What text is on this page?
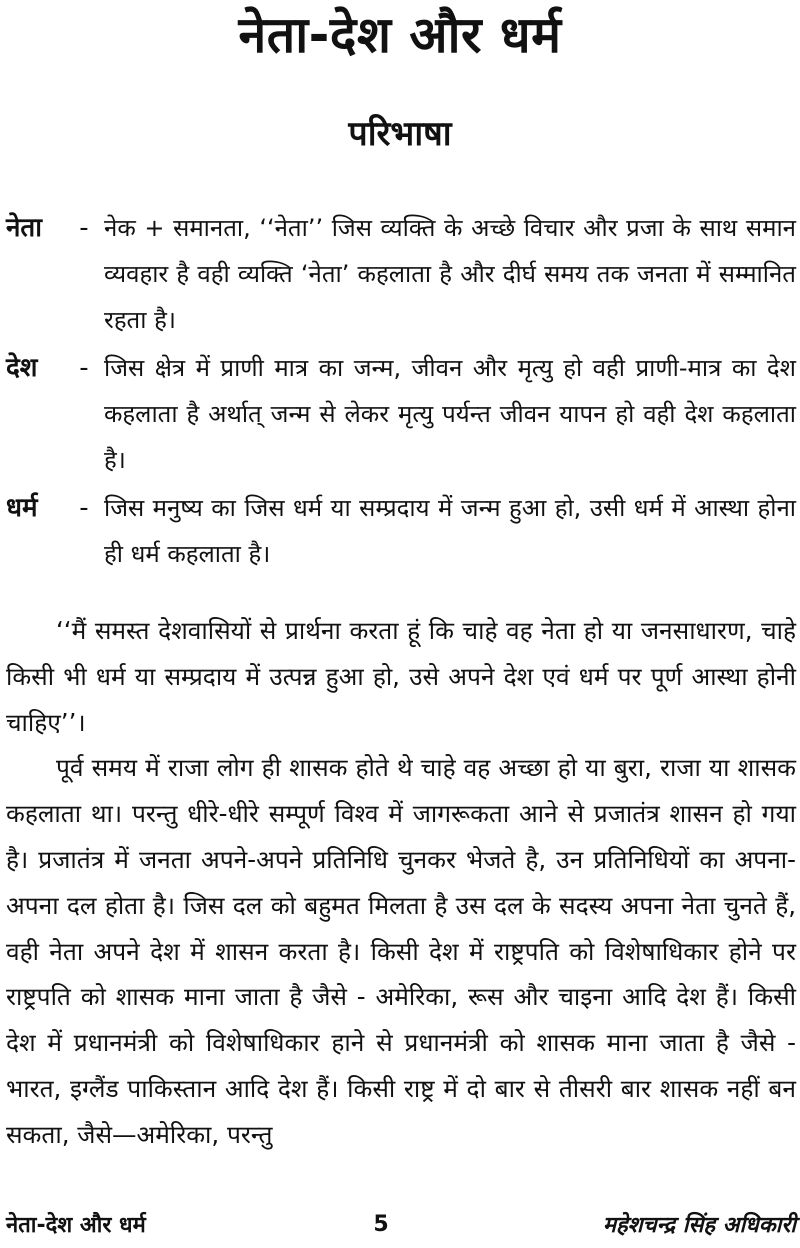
नेता-देश और धर्म
परिभाषा
नेता	- नेक + समानता, ‘‘नेता’’ जिस व्यक्ति के अच्छे विचार और प्रजा के साथ समान व्यवहार है वही व्यक्ति ‘नेता’ कहलाता है और दीर्घ समय तक जनता में सम्मानित रहता है।
देश	- जिस क्षेत्र में प्राणी मात्र का जन्म, जीवन और मृत्यु हो वही प्राणी-मात्र का देश कहलाता है अर्थात् जन्म से लेकर मृत्यु पर्यन्त जीवन यापन हो वही देश कहलाता है।
धर्म	- जिस मनुष्य का जिस धर्म या सम्प्रदाय में जन्म हुआ हो, उसी धर्म में आस्था होना ही धर्म कहलाता है।

‘‘मैं समस्त देशवासियों से प्रार्थना करता हूं कि चाहे वह नेता हो या जनसाधारण, चाहे किसी भी धर्म या सम्प्रदाय में उत्पन्न हुआ हो, उसे अपने देश एवं धर्म पर पूर्ण आस्था होनी चाहिए’’।

पूर्व समय में राजा लोग ही शासक होते थे चाहे वह अच्छा हो या बुरा, राजा या शासक कहलाता था। परन्तु धीरे-धीरे सम्पूर्ण विश्व में जागरूकता आने से प्रजातंत्र शासन हो गया है। प्रजातंत्र में जनता अपने-अपने प्रतिनिधि चुनकर भेजते है, उन प्रतिनिधियों का अपना-अपना दल होता है। जिस दल को बहुमत मिलता है उस दल के सदस्य अपना नेता चुनते हैं, वही नेता अपने देश में शासन करता है। किसी देश में राष्ट्रपति को विशेषाधिकार होने पर राष्ट्रपति को शासक माना जाता है जैसे - अमेरिका, रूस और चाइना आदि देश हैं। किसी देश में प्रधानमंत्री को विशेषाधिकार हाने से प्रधानमंत्री को शासक माना जाता है जैसे - भारत, इग्लैंड पाकिस्तान आदि देश हैं। किसी राष्ट्र में दो बार से तीसरी बार शासक नहीं बन सकता, जैसे—अमेरिका, परन्तु

नेता-देश और धर्म	5	महेशचन्द्र सिंह अधिकारी
